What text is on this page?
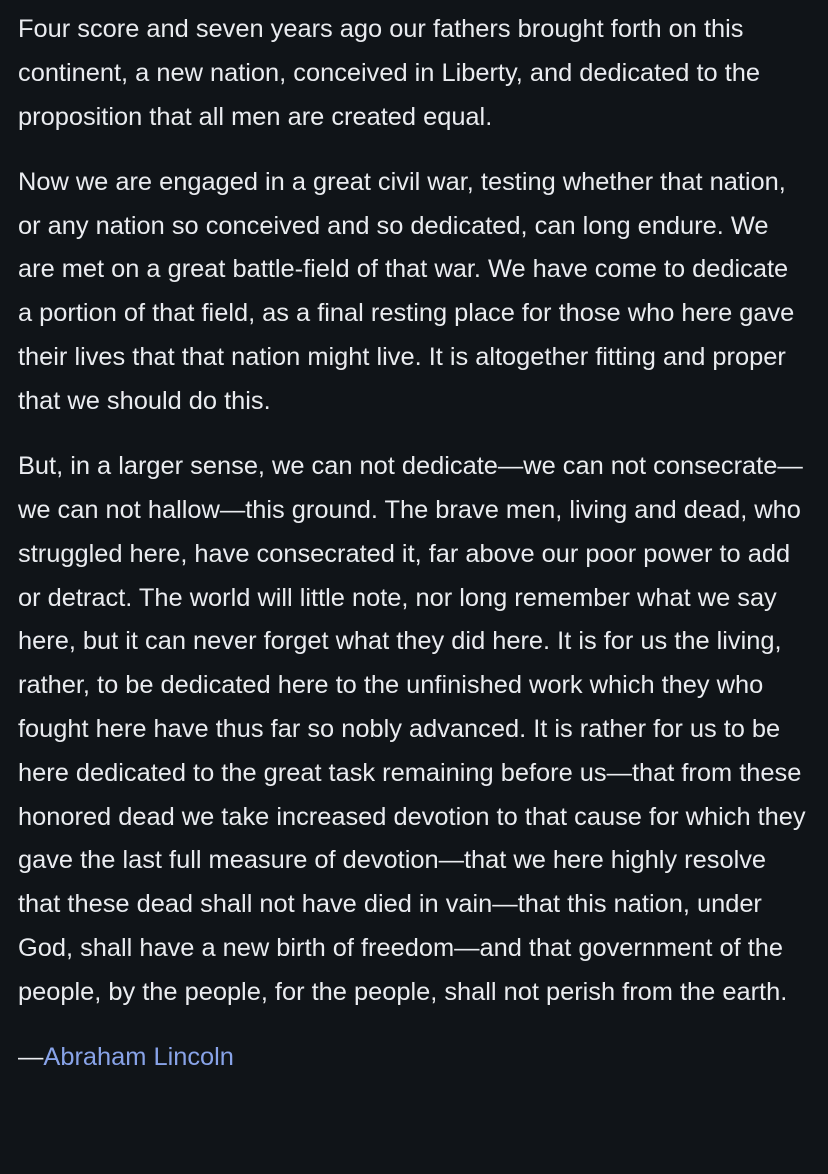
Four score and seven years ago our fathers brought forth on this continent, a new nation, conceived in Liberty, and dedicated to the proposition that all men are created equal.

Now we are engaged in a great civil war, testing whether that nation, or any nation so conceived and so dedicated, can long endure. We are met on a great battle-field of that war. We have come to dedicate a portion of that field, as a final resting place for those who here gave their lives that that nation might live. It is altogether fitting and proper that we should do this.

But, in a larger sense, we can not dedicate—we can not consecrate—we can not hallow—this ground. The brave men, living and dead, who struggled here, have consecrated it, far above our poor power to add or detract. The world will little note, nor long remember what we say here, but it can never forget what they did here. It is for us the living, rather, to be dedicated here to the unfinished work which they who fought here have thus far so nobly advanced. It is rather for us to be here dedicated to the great task remaining before us—that from these honored dead we take increased devotion to that cause for which they gave the last full measure of devotion—that we here highly resolve that these dead shall not have died in vain—that this nation, under God, shall have a new birth of freedom—and that government of the people, by the people, for the people, shall not perish from the earth.

—Abraham Lincoln
